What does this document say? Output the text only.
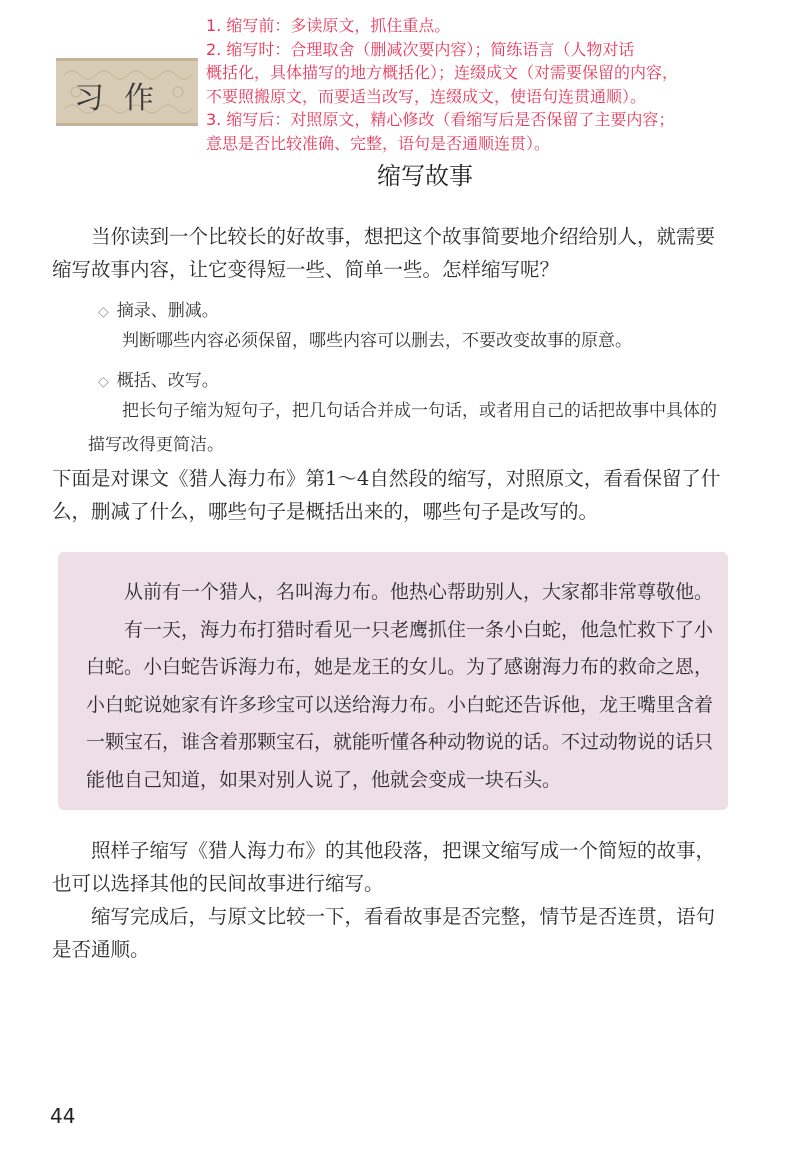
习作
1. 缩写前：多读原文，抓住重点。
2. 缩写时：合理取舍（删减次要内容）；简练语言（人物对话
概括化，具体描写的地方概括化）；连缀成文（对需要保留的内容，
不要照搬原文，而要适当改写，连缀成文，使语句连贯通顺）。
3. 缩写后：对照原文，精心修改（看缩写后是否保留了主要内容；
意思是否比较准确、完整，语句是否通顺连贯）。
缩写故事

当你读到一个比较长的好故事，想把这个故事简要地介绍给别人，就需要缩写故事内容，让它变得短一些、简单一些。怎样缩写呢？

◇ 摘录、删减。
判断哪些内容必须保留，哪些内容可以删去，不要改变故事的原意。
◇ 概括、改写。
把长句子缩为短句子，把几句话合并成一句话，或者用自己的话把故事中具体的描写改得更简洁。

下面是对课文《猎人海力布》第1～4自然段的缩写，对照原文，看看保留了什么，删减了什么，哪些句子是概括出来的，哪些句子是改写的。

从前有一个猎人，名叫海力布。他热心帮助别人，大家都非常尊敬他。

有一天，海力布打猎时看见一只老鹰抓住一条小白蛇，他急忙救下了小白蛇。小白蛇告诉海力布，她是龙王的女儿。为了感谢海力布的救命之恩，小白蛇说她家有许多珍宝可以送给海力布。小白蛇还告诉他，龙王嘴里含着一颗宝石，谁含着那颗宝石，就能听懂各种动物说的话。不过动物说的话只能他自己知道，如果对别人说了，他就会变成一块石头。

照样子缩写《猎人海力布》的其他段落，把课文缩写成一个简短的故事，也可以选择其他的民间故事进行缩写。

缩写完成后，与原文比较一下，看看故事是否完整，情节是否连贯，语句是否通顺。

44
